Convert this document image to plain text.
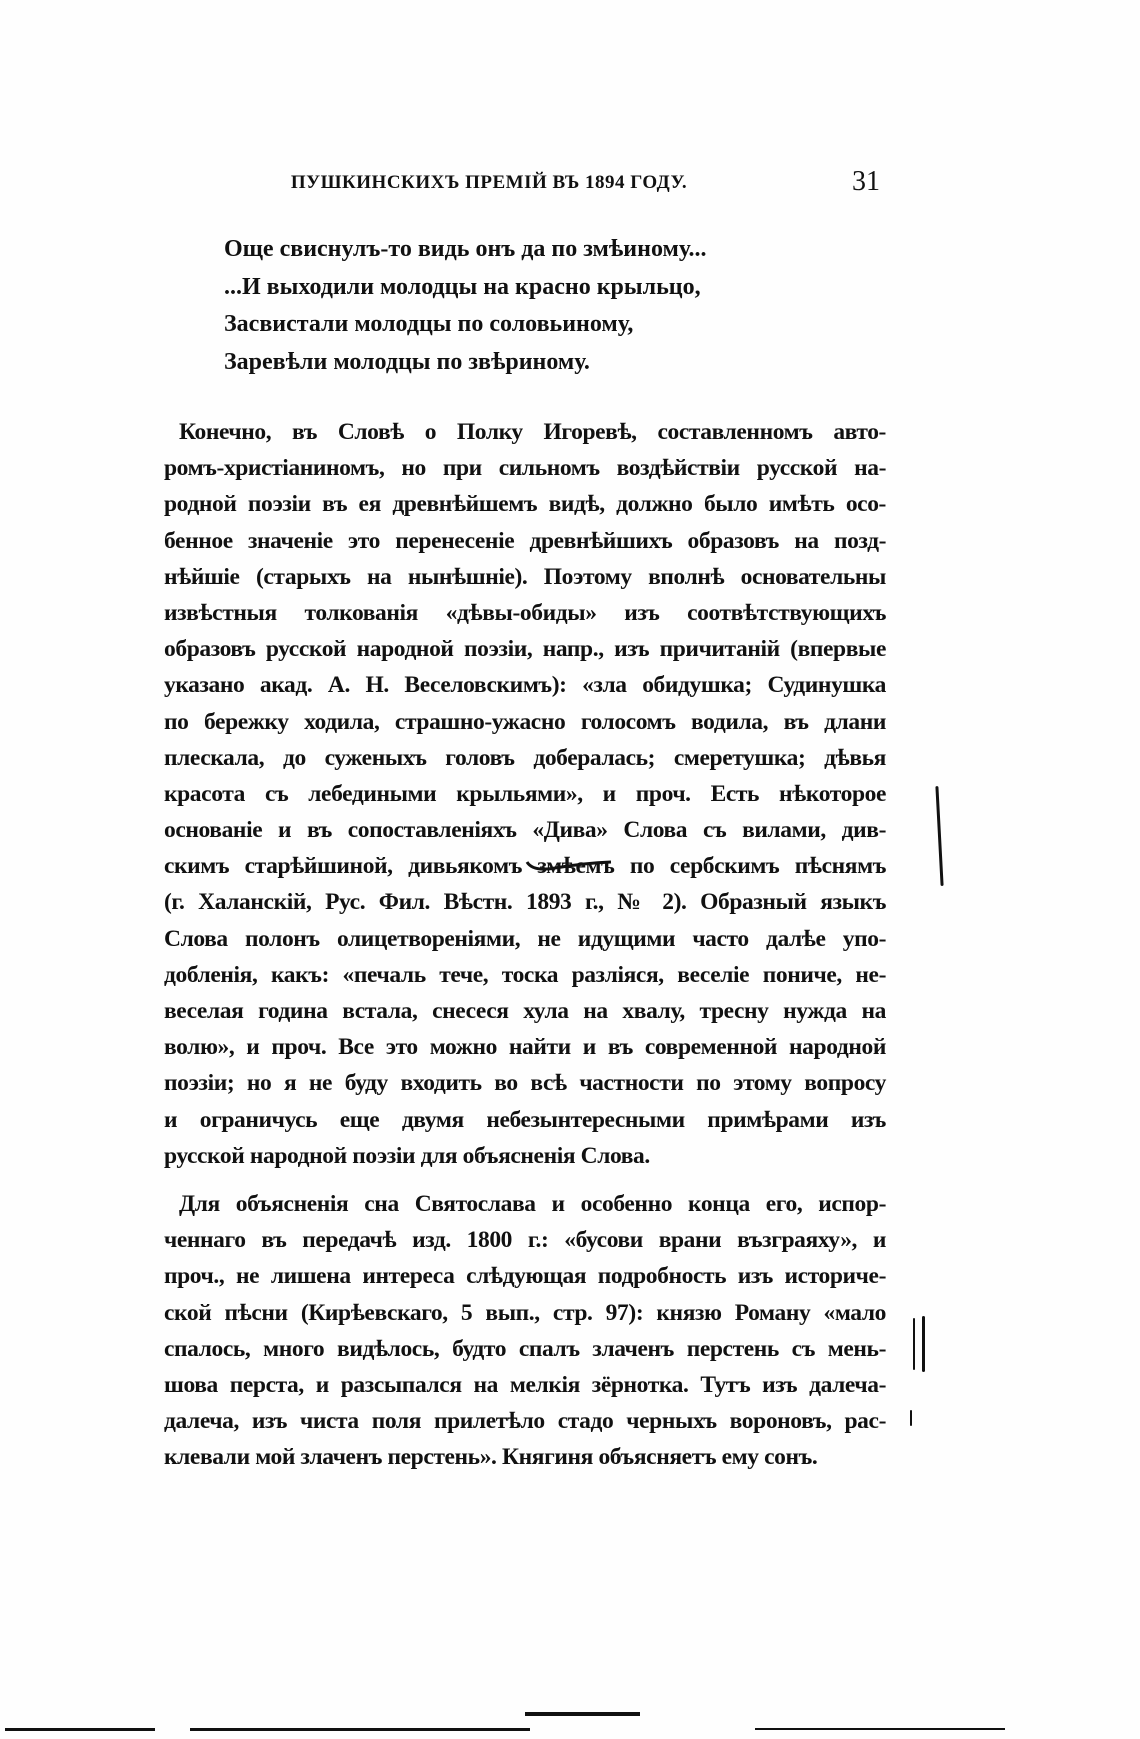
ПУШКИНСКИХЪ ПРЕМІЙ ВЪ 1894 ГОДУ.	31
Още свиснулъ-то видь онъ да по змѣиному...
...И выходили молодцы на красно крыльцо,
Засвистали молодцы по соловьиному,
Заревѣли молодцы по звѣриному.
Конечно, въ Словѣ о Полку Игоревѣ, составленномъ авто-
ромъ-христіаниномъ, но при сильномъ воздѣйствіи русской на-
родной поэзіи въ ея древнѣйшемъ видѣ, должно было имѣть осо-
бенное значеніе это перенесеніе древнѣйшихъ образовъ на позд-
нѣйшіе (старыхъ на нынѣшніе). Поэтому вполнѣ основательны
извѣстныя толкованія «дѣвы-обиды» изъ соотвѣтствующихъ
образовъ русской народной поэзіи, напр., изъ причитаній (впервые
указано акад. А. Н. Веселовскимъ): «зла обидушка; Судинушка
по бережку ходила, страшно-ужасно голосомъ водила, въ длани
плескала, до суженыхъ головъ добералась; смеретушка; дѣвья
красота съ лебедиными крыльями», и проч. Есть нѣкоторое
основаніе и въ сопоставленіяхъ «Дива» Слова съ вилами, див-
скимъ старѣйшиной, дивьякомъ змѣемъ по сербскимъ пѣснямъ
(г. Халанскій, Рус. Фил. Вѣстн. 1893 г., № 2). Образный языкъ
Слова полонъ олицетвореніями, не идущими часто далѣе упо-
добленія, какъ: «печаль тече, тоска разліяся, веселіе пониче, не-
веселая година встала, снесеся хула на хвалу, тресну нужда на
волю», и проч. Все это можно найти и въ современной народной
поэзіи; но я не буду входить во всѣ частности по этому вопросу
и ограничусь еще двумя небезынтересными примѣрами изъ
русской народной поэзіи для объясненія Слова.
Для объясненія сна Святослава и особенно конца его, испор-
ченнаго въ передачѣ изд. 1800 г.: «бусови врани възграяху», и
проч., не лишена интереса слѣдующая подробность изъ историче-
ской пѣсни (Кирѣевскаго, 5 вып., стр. 97): князю Роману «мало
спалось, много видѣлось, будто спалъ злаченъ перстень съ мень-
шова перста, и разсыпался на мелкія зёрнотка. Тутъ изъ далеча-
далеча, изъ чиста поля прилетѣло стадо черныхъ вороновъ, рас-
клевали мой злаченъ перстень». Княгиня объясняетъ ему сонъ.
